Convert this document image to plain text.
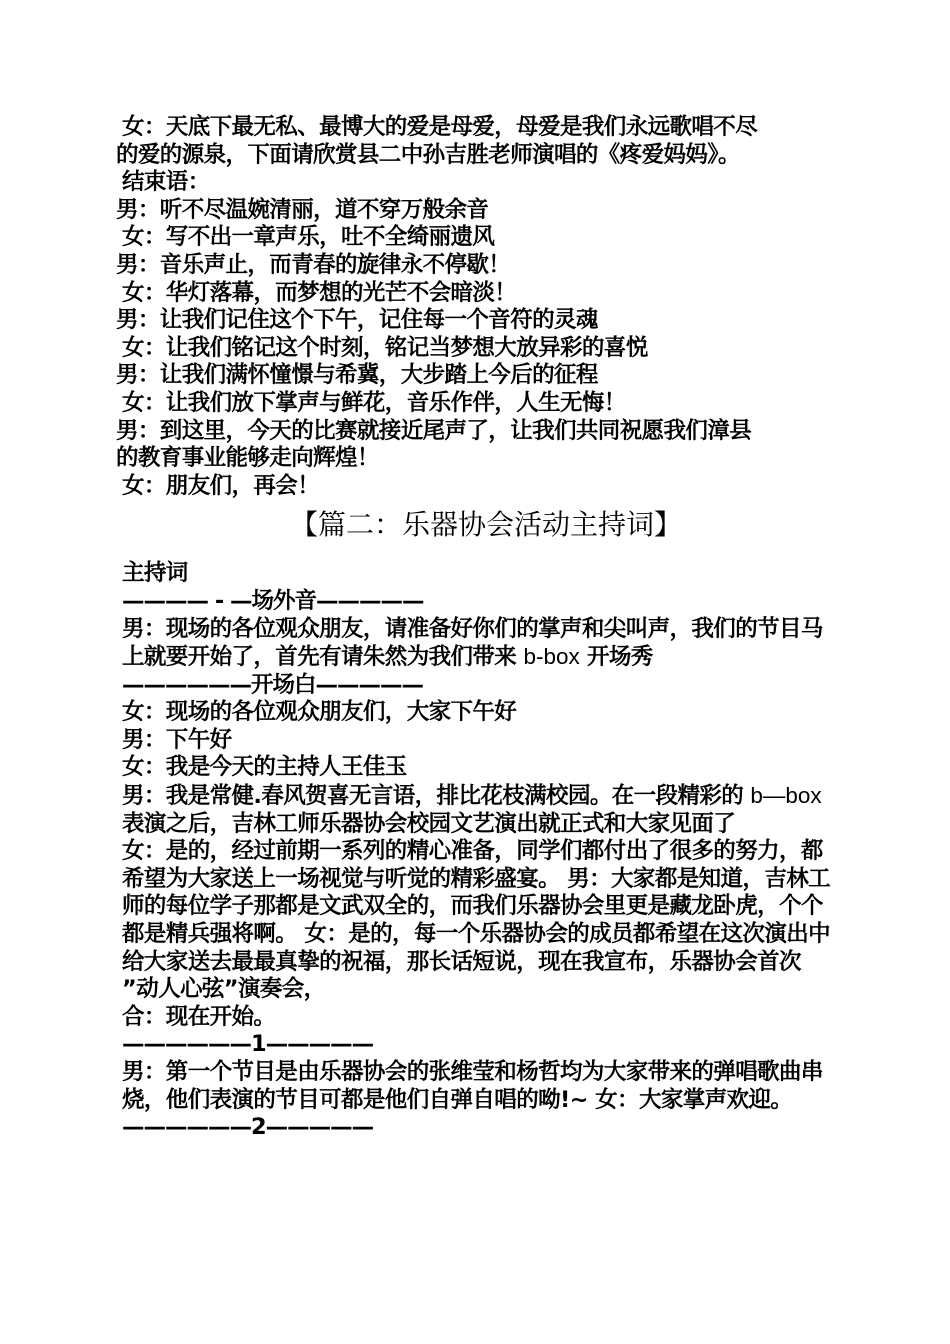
女：天底下最无私、最博大的爱是母爱，母爱是我们永远歌唱不尽
的爱的源泉，下面请欣赏县二中孙吉胜老师演唱的《疼爱妈妈》。
结束语：
男：听不尽温婉清丽，道不穿万般余音
女：写不出一章声乐，吐不全绮丽遗风
男：音乐声止，而青春的旋律永不停歇！
女：华灯落幕，而梦想的光芒不会暗淡！
男：让我们记住这个下午，记住每一个音符的灵魂
女：让我们铭记这个时刻，铭记当梦想大放异彩的喜悦
男：让我们满怀憧憬与希冀，大步踏上今后的征程
女：让我们放下掌声与鲜花，音乐作伴，人生无悔！
男：到这里，今天的比赛就接近尾声了，让我们共同祝愿我们漳县
的教育事业能够走向辉煌！
女：朋友们，再会！
【篇二：乐器协会活动主持词】
主持词
———— - —场外音—————
男：现场的各位观众朋友，请准备好你们的掌声和尖叫声，我们的节目马上就要开始了，首先有请朱然为我们带来 b-box 开场秀
——————开场白—————
女：现场的各位观众朋友们，大家下午好
男：下午好
女：我是今天的主持人王佳玉
男：我是常健.春风贺喜无言语，排比花枝满校园。在一段精彩的 b—box 表演之后，吉林工师乐器协会校园文艺演出就正式和大家见面了
女：是的，经过前期一系列的精心准备，同学们都付出了很多的努力，都希望为大家送上一场视觉与听觉的精彩盛宴。 男：大家都是知道，吉林工师的每位学子那都是文武双全的，而我们乐器协会里更是藏龙卧虎，个个都是精兵强将啊。 女：是的，每一个乐器协会的成员都希望在这次演出中给大家送去最最真挚的祝福，那长话短说，现在我宣布，乐器协会首次
”动人心弦”演奏会，
合：现在开始。
——————1—————
男：第一个节目是由乐器协会的张维莹和杨哲均为大家带来的弹唱歌曲串烧，他们表演的节目可都是他们自弹自唱的呦!~ 女：大家掌声欢迎。
——————2—————
